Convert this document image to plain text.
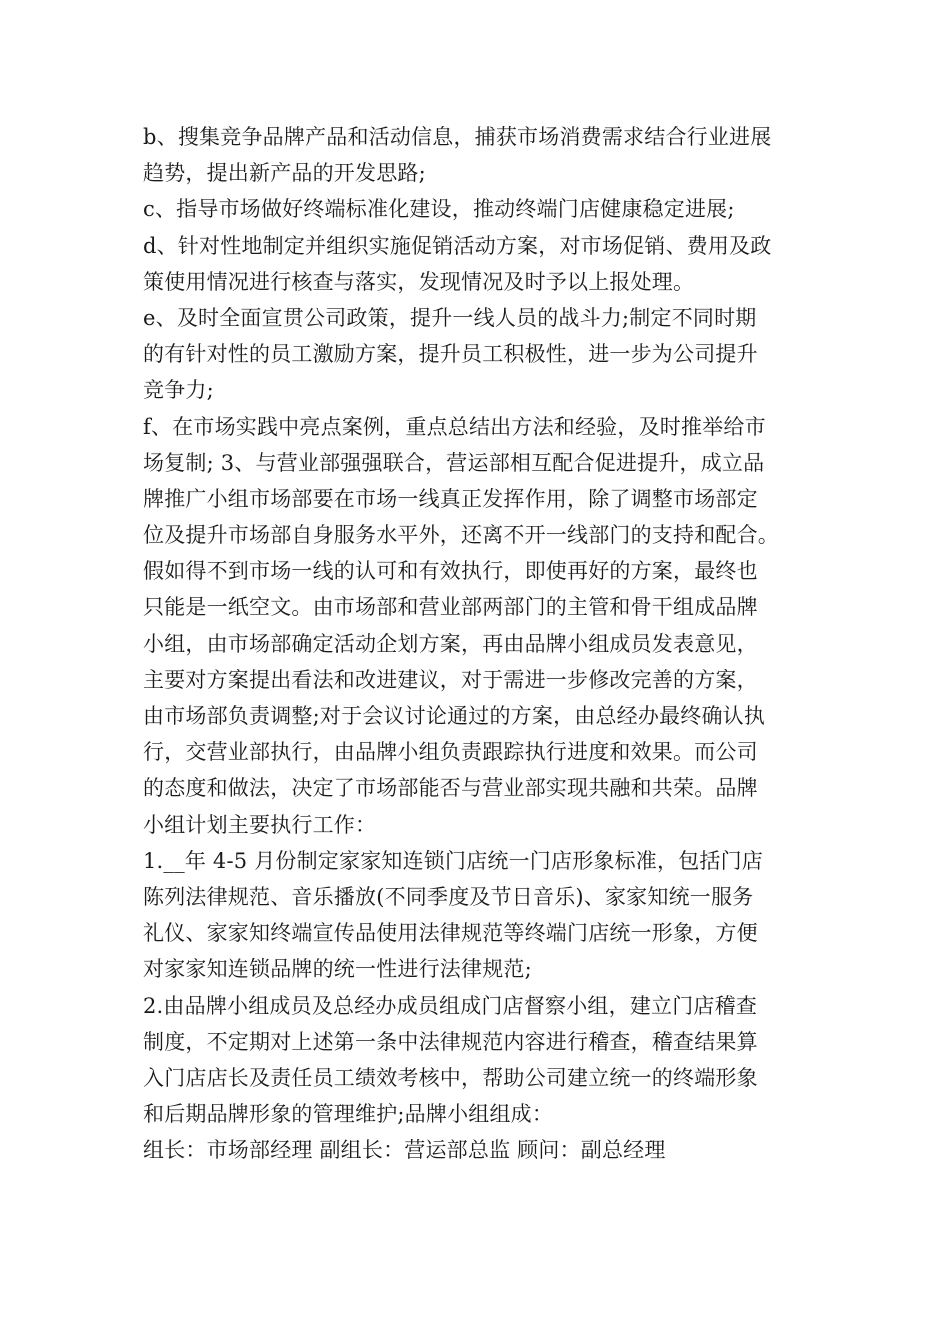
b、搜集竞争品牌产品和活动信息，捕获市场消费需求结合行业进展
趋势，提出新产品的开发思路;
c、指导市场做好终端标准化建设，推动终端门店健康稳定进展;
d、针对性地制定并组织实施促销活动方案，对市场促销、费用及政
策使用情况进行核查与落实，发现情况及时予以上报处理。
e、及时全面宣贯公司政策，提升一线人员的战斗力;制定不同时期
的有针对性的员工激励方案，提升员工积极性，进一步为公司提升
竞争力;
f、在市场实践中亮点案例，重点总结出方法和经验，及时推举给市
场复制; 3、与营业部强强联合，营运部相互配合促进提升，成立品
牌推广小组市场部要在市场一线真正发挥作用，除了调整市场部定
位及提升市场部自身服务水平外，还离不开一线部门的支持和配合。
假如得不到市场一线的认可和有效执行，即使再好的方案，最终也
只能是一纸空文。由市场部和营业部两部门的主管和骨干组成品牌
小组，由市场部确定活动企划方案，再由品牌小组成员发表意见，
主要对方案提出看法和改进建议，对于需进一步修改完善的方案，
由市场部负责调整;对于会议讨论通过的方案，由总经办最终确认执
行，交营业部执行，由品牌小组负责跟踪执行进度和效果。而公司
的态度和做法，决定了市场部能否与营业部实现共融和共荣。品牌
小组计划主要执行工作：
1.__年 4-5 月份制定家家知连锁门店统一门店形象标准，包括门店
陈列法律规范、音乐播放(不同季度及节日音乐)、家家知统一服务
礼仪、家家知终端宣传品使用法律规范等终端门店统一形象，方便
对家家知连锁品牌的统一性进行法律规范;
2.由品牌小组成员及总经办成员组成门店督察小组，建立门店稽查
制度，不定期对上述第一条中法律规范内容进行稽查，稽查结果算
入门店店长及责任员工绩效考核中，帮助公司建立统一的终端形象
和后期品牌形象的管理维护;品牌小组组成：
组长：市场部经理 副组长：营运部总监 顾问：副总经理
